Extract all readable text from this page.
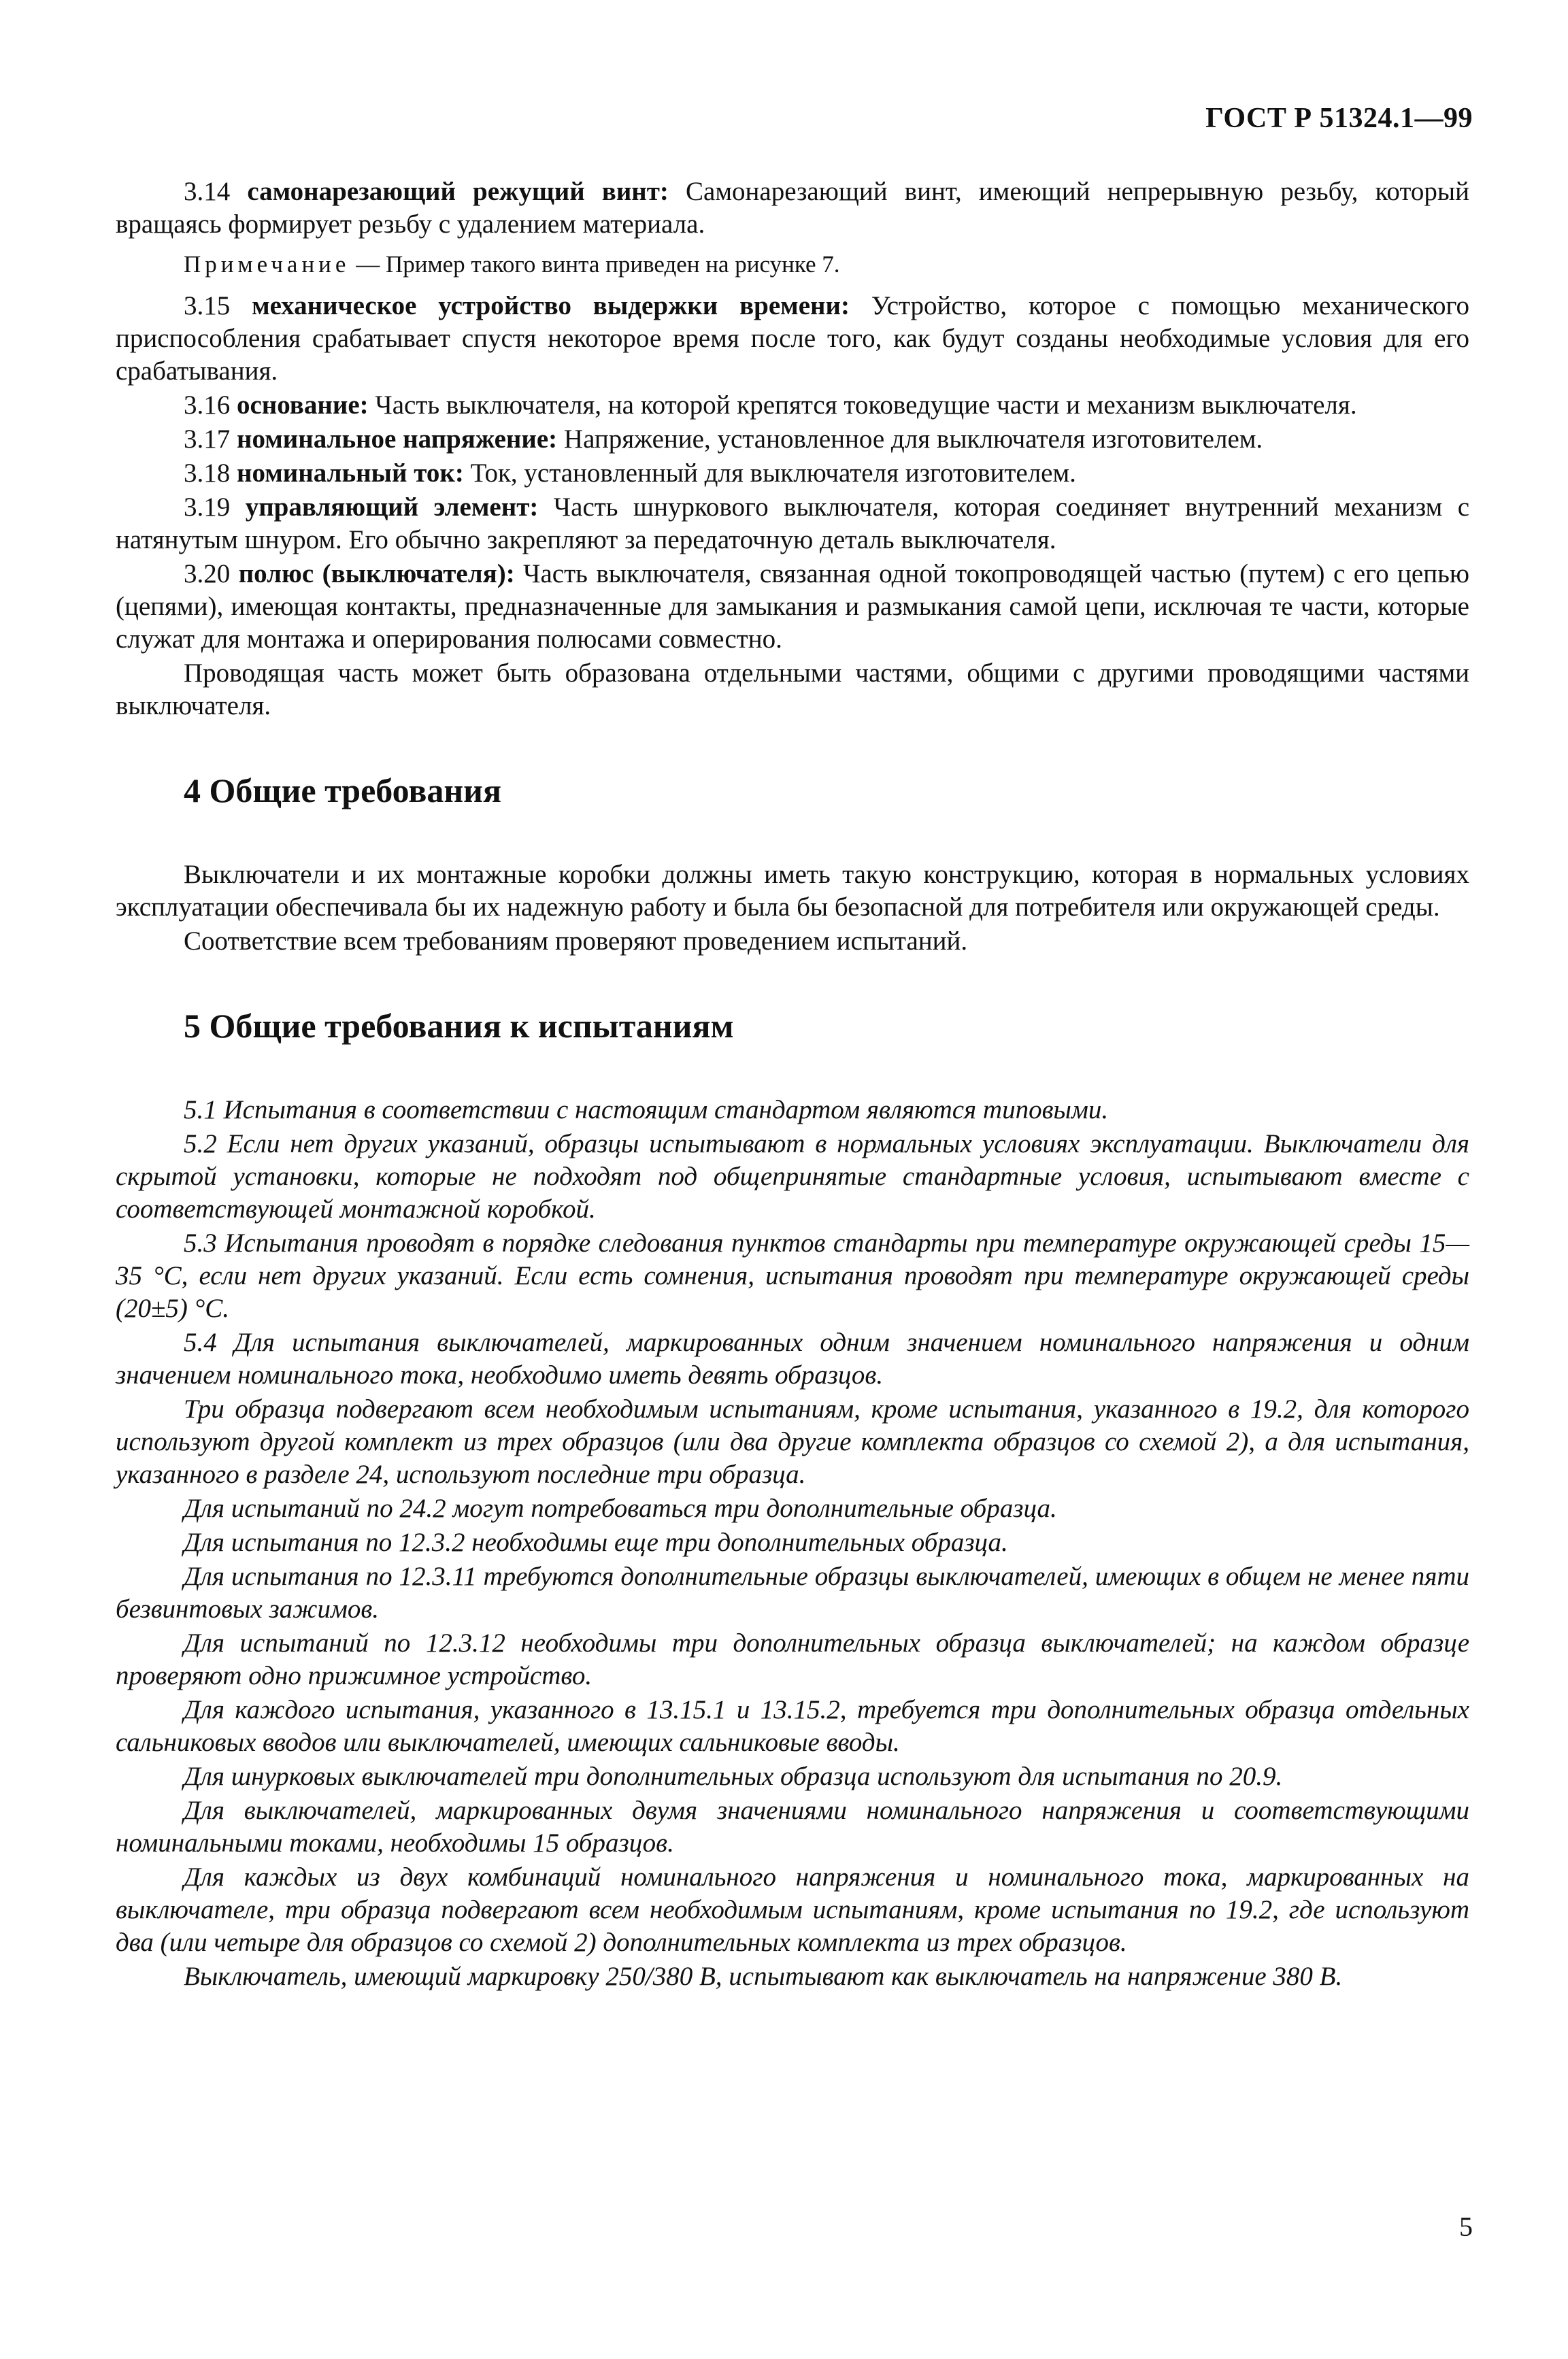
ГОСТ Р 51324.1—99

3.14 самонарезающий режущий винт: Самонарезающий винт, имеющий непрерывную резьбу, который вращаясь формирует резьбу с удалением материала.

Примечание — Пример такого винта приведен на рисунке 7.

3.15 механическое устройство выдержки времени: Устройство, которое с помощью механического приспособления срабатывает спустя некоторое время после того, как будут созданы необходимые условия для его срабатывания.

3.16 основание: Часть выключателя, на которой крепятся токоведущие части и механизм выключателя.

3.17 номинальное напряжение: Напряжение, установленное для выключателя изготовителем.

3.18 номинальный ток: Ток, установленный для выключателя изготовителем.

3.19 управляющий элемент: Часть шнуркового выключателя, которая соединяет внутренний механизм с натянутым шнуром. Его обычно закрепляют за передаточную деталь выключателя.

3.20 полюс (выключателя): Часть выключателя, связанная одной токопроводящей частью (путем) с его цепью (цепями), имеющая контакты, предназначенные для замыкания и размыкания самой цепи, исключая те части, которые служат для монтажа и оперирования полюсами совместно.

Проводящая часть может быть образована отдельными частями, общими с другими проводящими частями выключателя.

4 Общие требования

Выключатели и их монтажные коробки должны иметь такую конструкцию, которая в нормальных условиях эксплуатации обеспечивала бы их надежную работу и была бы безопасной для потребителя или окружающей среды.

Соответствие всем требованиям проверяют проведением испытаний.

5 Общие требования к испытаниям

5.1 Испытания в соответствии с настоящим стандартом являются типовыми.

5.2 Если нет других указаний, образцы испытывают в нормальных условиях эксплуатации. Выключатели для скрытой установки, которые не подходят под общепринятые стандартные условия, испытывают вместе с соответствующей монтажной коробкой.

5.3 Испытания проводят в порядке следования пунктов стандарты при температуре окружающей среды 15—35 °С, если нет других указаний. Если есть сомнения, испытания проводят при температуре окружающей среды (20±5) °С.

5.4 Для испытания выключателей, маркированных одним значением номинального напряжения и одним значением номинального тока, необходимо иметь девять образцов.

Три образца подвергают всем необходимым испытаниям, кроме испытания, указанного в 19.2, для которого используют другой комплект из трех образцов (или два другие комплекта образцов со схемой 2), а для испытания, указанного в разделе 24, используют последние три образца.

Для испытаний по 24.2 могут потребоваться три дополнительные образца.

Для испытания по 12.3.2 необходимы еще три дополнительных образца.

Для испытания по 12.3.11 требуются дополнительные образцы выключателей, имеющих в общем не менее пяти безвинтовых зажимов.

Для испытаний по 12.3.12 необходимы три дополнительных образца выключателей; на каждом образце проверяют одно прижимное устройство.

Для каждого испытания, указанного в 13.15.1 и 13.15.2, требуется три дополнительных образца отдельных сальниковых вводов или выключателей, имеющих сальниковые вводы.

Для шнурковых выключателей три дополнительных образца используют для испытания по 20.9.

Для выключателей, маркированных двумя значениями номинального напряжения и соответствующими номинальными токами, необходимы 15 образцов.

Для каждых из двух комбинаций номинального напряжения и номинального тока, маркированных на выключателе, три образца подвергают всем необходимым испытаниям, кроме испытания по 19.2, где используют два (или четыре для образцов со схемой 2) дополнительных комплекта из трех образцов.

Выключатель, имеющий маркировку 250/380 В, испытывают как выключатель на напряжение 380 В.

5
